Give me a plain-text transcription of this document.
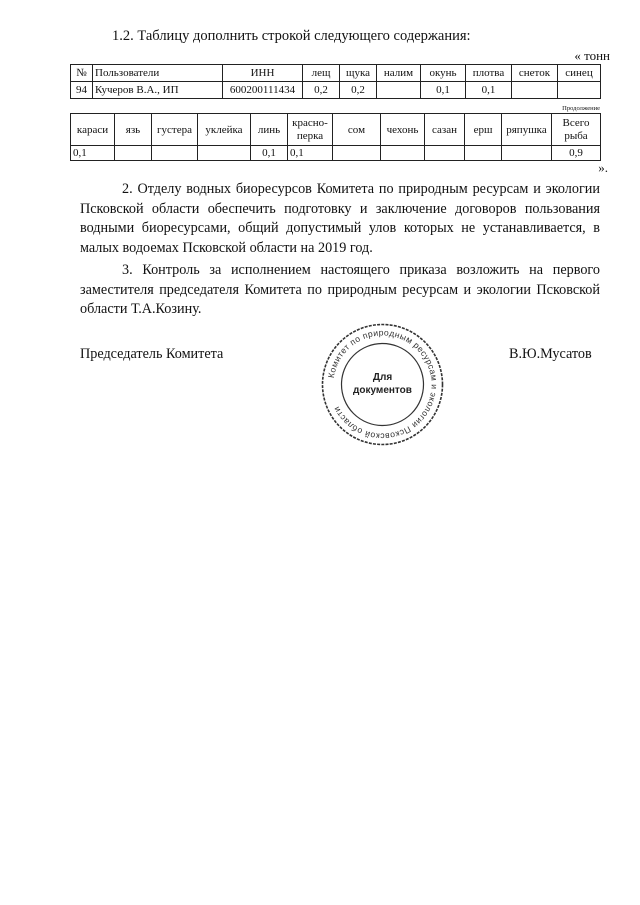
1.2. Таблицу дополнить строкой следующего содержания:
« тонн
№	Пользователи	ИНН	лещ	щука	налим	окунь	плотва	снеток	синец
94	Кучеров В.А., ИП	600200111434	0,2	0,2		0,1	0,1		
Продолжение
караси	язь	густера	уклейка	линь	красно-перка	сом	чехонь	сазан	ерш	ряпушка	Всего рыба
0,1				0,1	0,1						0,9
».

2. Отделу водных биоресурсов Комитета по природным ресурсам и экологии Псковской области обеспечить подготовку и заключение договоров пользования водными биоресурсами, общий допустимый улов которых не устанавливается, в малых водоемах Псковской области на 2019 год.

3. Контроль за исполнением настоящего приказа возложить на первого заместителя председателя Комитета по природным ресурсам и экологии Псковской области Т.А.Козину.

Председатель Комитета
Комитет по природным ресурсам и экологии Псковской области
Для
документов
В.Ю.Мусатов
